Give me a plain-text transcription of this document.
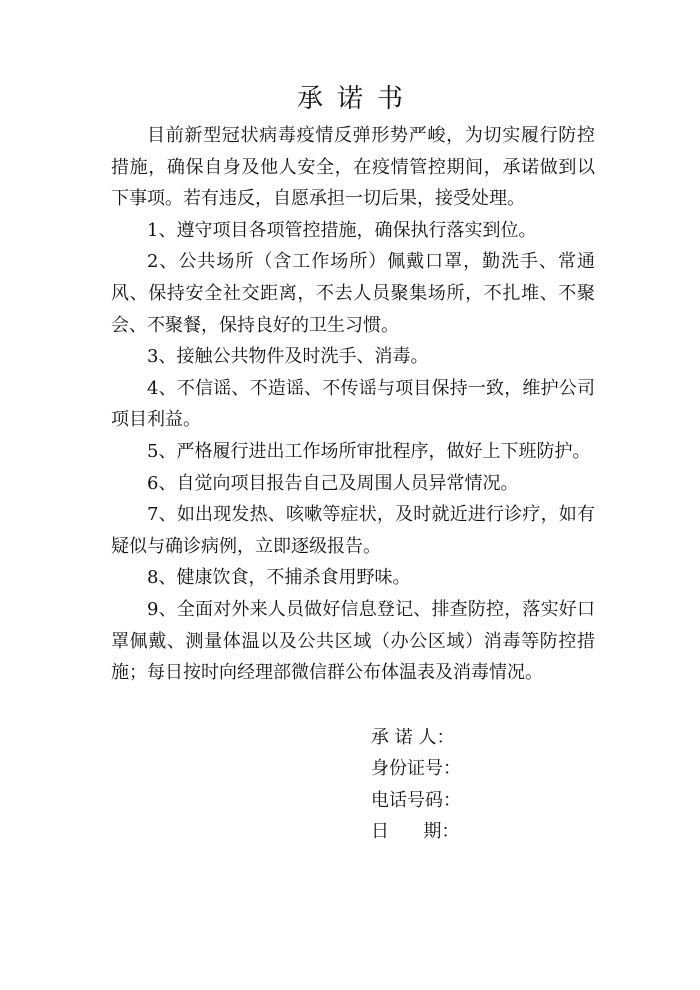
承诺书

目前新型冠状病毒疫情反弹形势严峻，为切实履行防控措施，确保自身及他人安全，在疫情管控期间，承诺做到以下事项。若有违反，自愿承担一切后果，接受处理。

1、遵守项目各项管控措施，确保执行落实到位。

2、公共场所（含工作场所）佩戴口罩，勤洗手、常通风、保持安全社交距离，不去人员聚集场所，不扎堆、不聚会、不聚餐，保持良好的卫生习惯。

3、接触公共物件及时洗手、消毒。

4、不信谣、不造谣、不传谣与项目保持一致，维护公司项目利益。

5、严格履行进出工作场所审批程序，做好上下班防护。

6、自觉向项目报告自己及周围人员异常情况。

7、如出现发热、咳嗽等症状，及时就近进行诊疗，如有疑似与确诊病例，立即逐级报告。

8、健康饮食，不捕杀食用野味。

9、全面对外来人员做好信息登记、排查防控，落实好口罩佩戴、测量体温以及公共区域（办公区域）消毒等防控措施；每日按时向经理部微信群公布体温表及消毒情况。

承 诺 人：
身份证号：
电话号码：
日      期：
